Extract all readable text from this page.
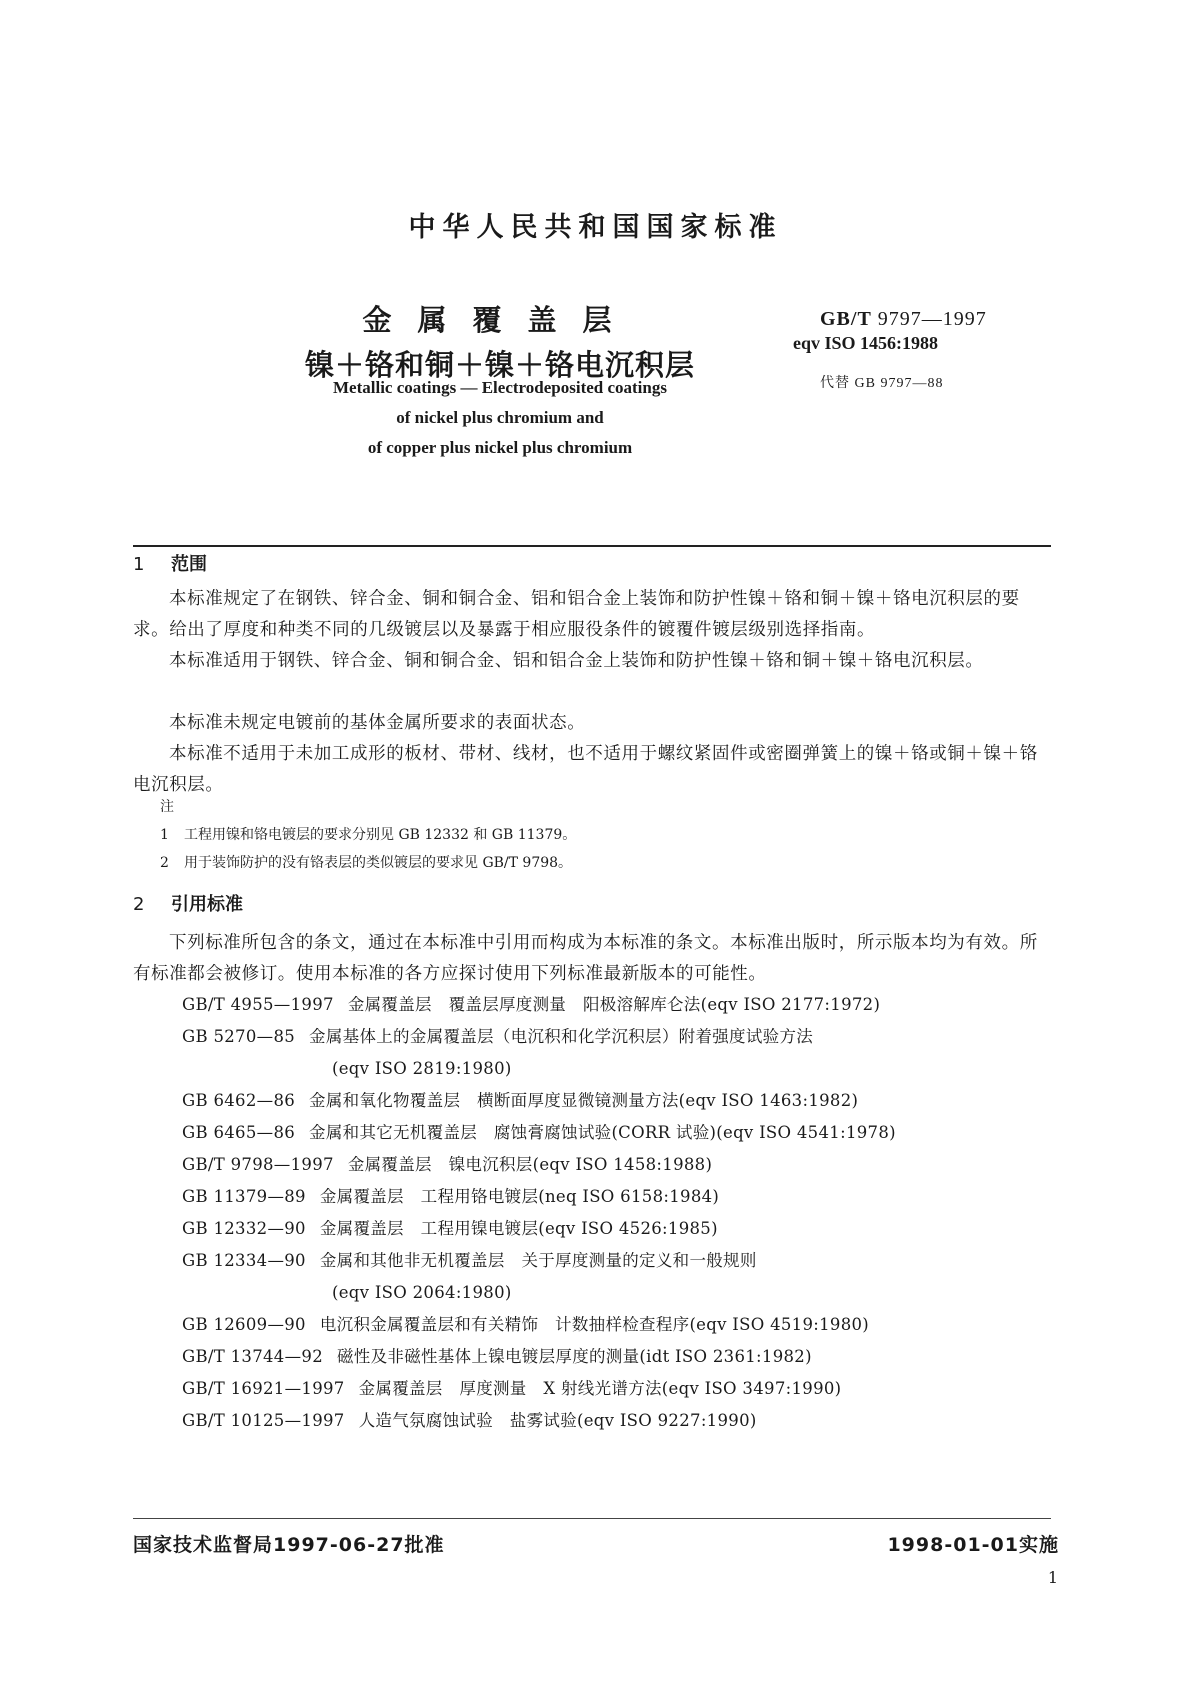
中华人民共和国国家标准
金属覆盖层
镍＋铬和铜＋镍＋铬电沉积层
Metallic coatings — Electrodeposited coatings
of nickel plus chromium and
of copper plus nickel plus chromium
GB/T 9797—1997
eqv ISO 1456:1988
代替 GB 9797—88
1 范围
本标准规定了在钢铁、锌合金、铜和铜合金、铝和铝合金上装饰和防护性镍＋铬和铜＋镍＋铬电沉积层的要求。给出了厚度和种类不同的几级镀层以及暴露于相应服役条件的镀覆件镀层级别选择指南。
本标准适用于钢铁、锌合金、铜和铜合金、铝和铝合金上装饰和防护性镍＋铬和铜＋镍＋铬电沉积层。
本标准未规定电镀前的基体金属所要求的表面状态。
本标准不适用于未加工成形的板材、带材、线材，也不适用于螺纹紧固件或密圈弹簧上的镍＋铬或铜＋镍＋铬电沉积层。
注
1 工程用镍和铬电镀层的要求分别见 GB 12332 和 GB 11379。
2 用于装饰防护的没有铬表层的类似镀层的要求见 GB/T 9798。
2 引用标准
下列标准所包含的条文，通过在本标准中引用而构成为本标准的条文。本标准出版时，所示版本均为有效。所有标准都会被修订。使用本标准的各方应探讨使用下列标准最新版本的可能性。
GB/T 4955—1997 金属覆盖层　覆盖层厚度测量　阳极溶解库仑法(eqv ISO 2177:1972)
GB 5270—85 金属基体上的金属覆盖层（电沉积和化学沉积层）附着强度试验方法
(eqv ISO 2819:1980)
GB 6462—86 金属和氧化物覆盖层　横断面厚度显微镜测量方法(eqv ISO 1463:1982)
GB 6465—86 金属和其它无机覆盖层　腐蚀膏腐蚀试验(CORR 试验)(eqv ISO 4541:1978)
GB/T 9798—1997 金属覆盖层　镍电沉积层(eqv ISO 1458:1988)
GB 11379—89 金属覆盖层　工程用铬电镀层(neq ISO 6158:1984)
GB 12332—90 金属覆盖层　工程用镍电镀层(eqv ISO 4526:1985)
GB 12334—90 金属和其他非无机覆盖层　关于厚度测量的定义和一般规则
(eqv ISO 2064:1980)
GB 12609—90 电沉积金属覆盖层和有关精饰　计数抽样检查程序(eqv ISO 4519:1980)
GB/T 13744—92 磁性及非磁性基体上镍电镀层厚度的测量(idt ISO 2361:1982)
GB/T 16921—1997 金属覆盖层　厚度测量　X 射线光谱方法(eqv ISO 3497:1990)
GB/T 10125—1997 人造气氛腐蚀试验　盐雾试验(eqv ISO 9227:1990)
国家技术监督局1997-06-27批准	1998-01-01实施
1
